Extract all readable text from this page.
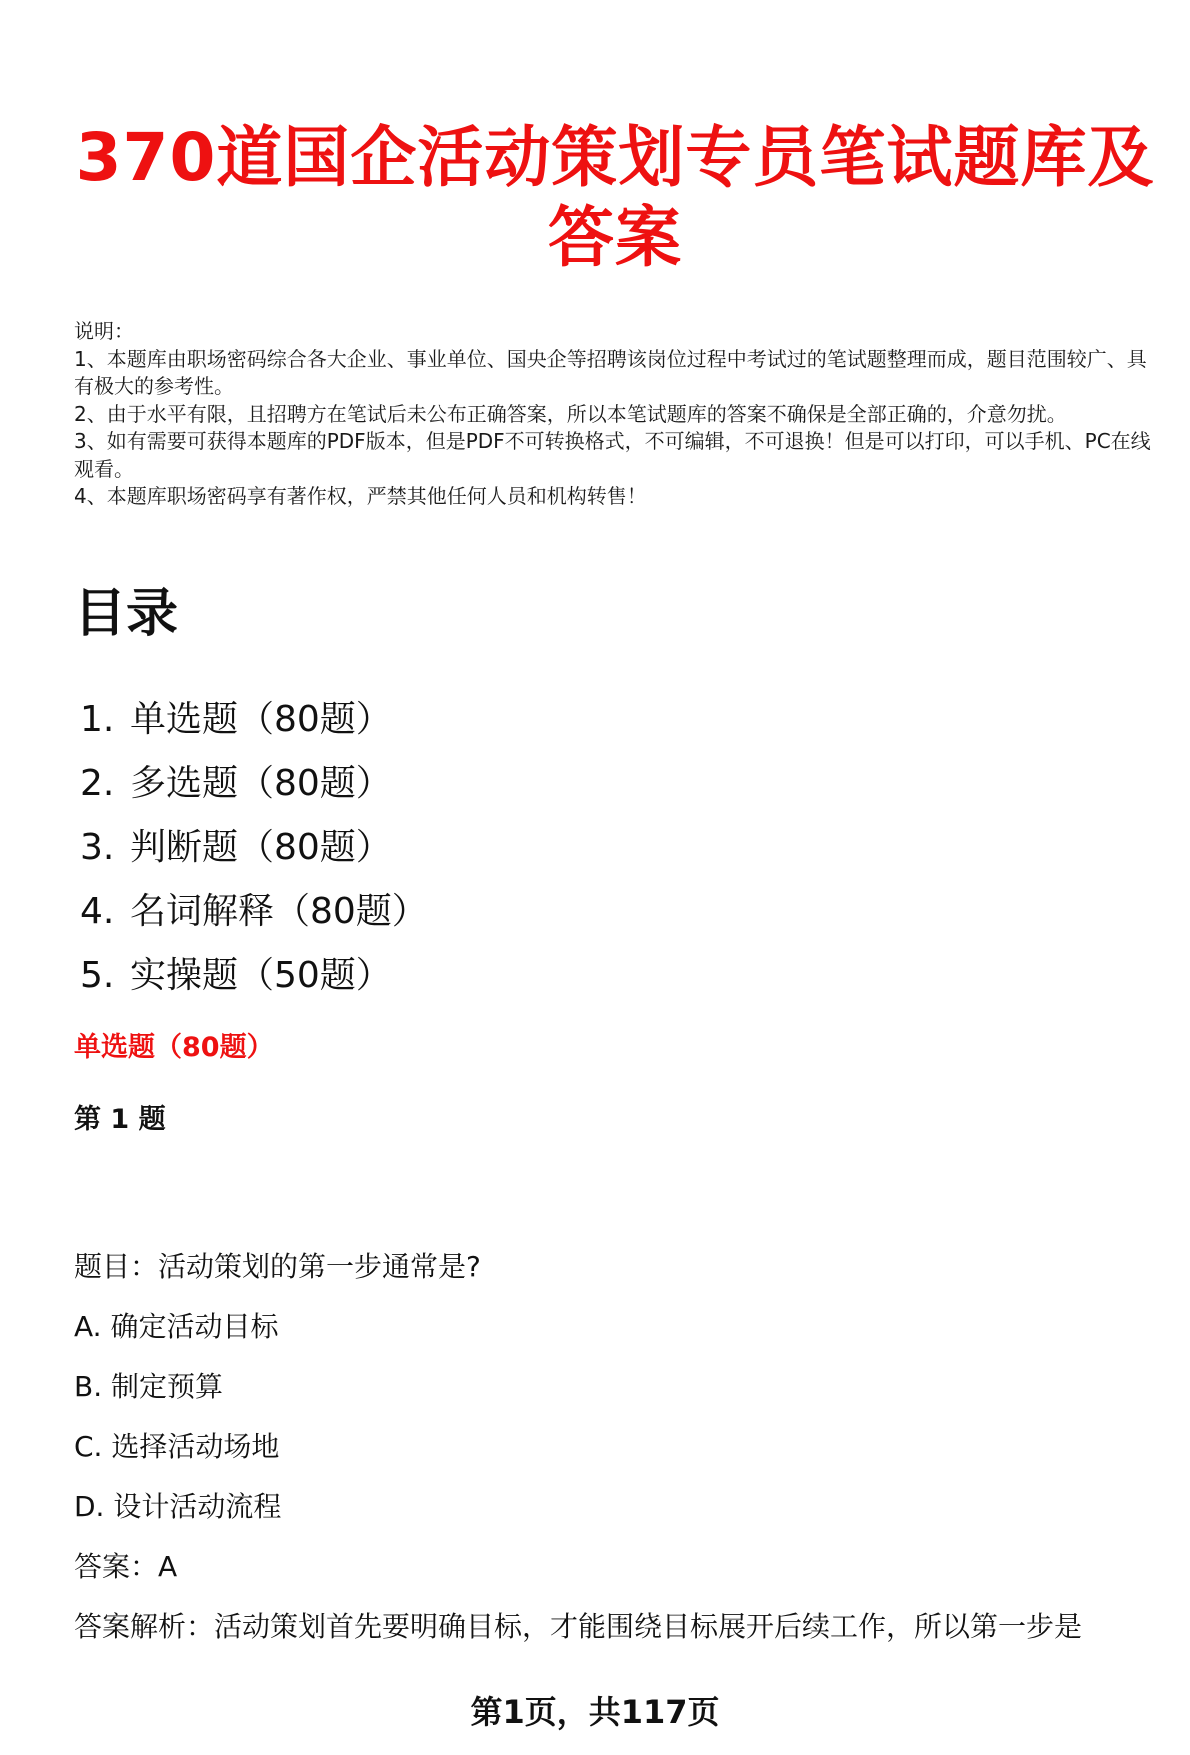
370道国企活动策划专员笔试题库及
答案

说明：

1、本题库由职场密码综合各大企业、事业单位、国央企等招聘该岗位过程中考试过的笔试题整理而成，题目范围较广、具有极大的参考性。

2、由于水平有限，且招聘方在笔试后未公布正确答案，所以本笔试题库的答案不确保是全部正确的，介意勿扰。

3、如有需要可获得本题库的PDF版本，但是PDF不可转换格式，不可编辑，不可退换！但是可以打印，可以手机、PC在线观看。

4、本题库职场密码享有著作权，严禁其他任何人员和机构转售！

目录
1. 单选题（80题）
2. 多选题（80题）
3. 判断题（80题）
4. 名词解释（80题）
5. 实操题（50题）
单选题（80题）
第 1 题
题目：活动策划的第一步通常是?
A. 确定活动目标
B. 制定预算
C. 选择活动场地
D. 设计活动流程
答案：A
答案解析：活动策划首先要明确目标，才能围绕目标展开后续工作，所以第一步是
第1页，共117页
